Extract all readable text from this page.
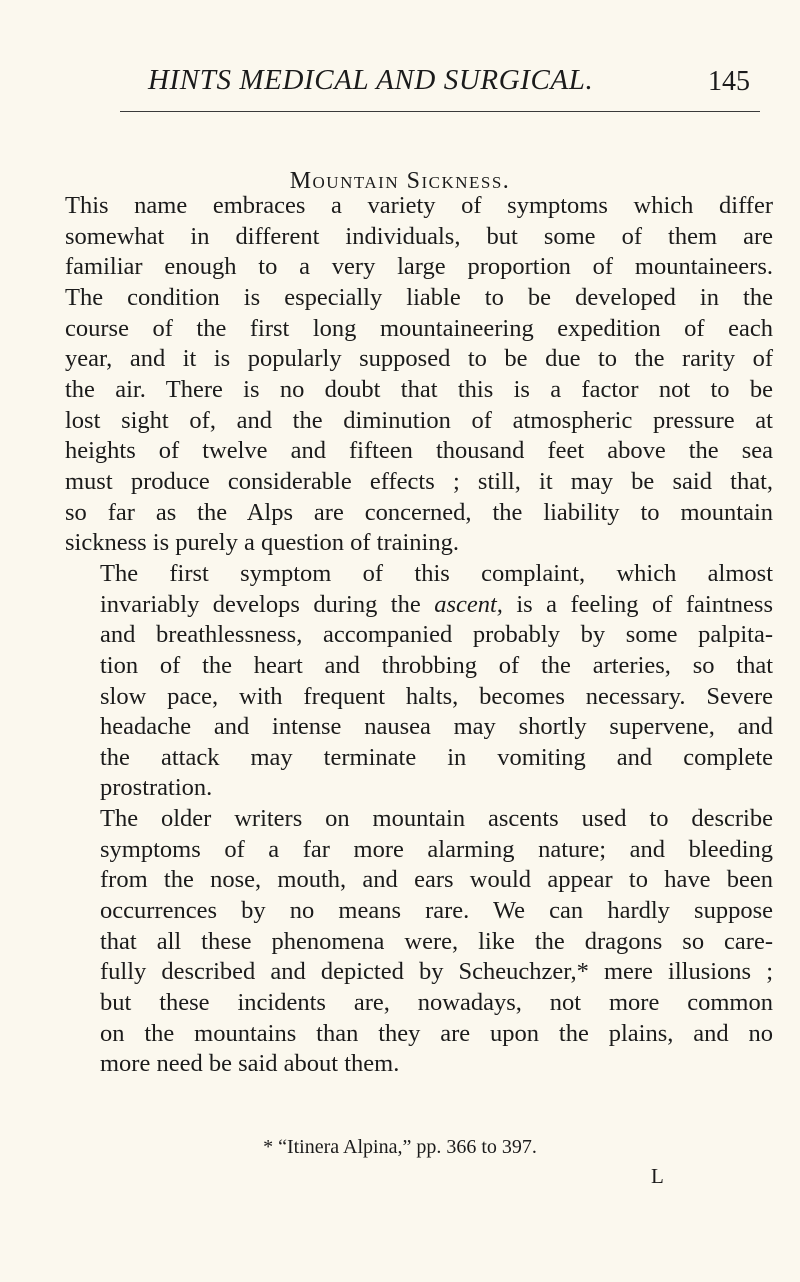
HINTS MEDICAL AND SURGICAL.	145
Mountain Sickness.

This name embraces a variety of symptoms which differ
somewhat in different individuals, but some of them are
familiar enough to a very large proportion of mountaineers.
The condition is especially liable to be developed in the
course of the first long mountaineering expedition of each
year, and it is popularly supposed to be due to the rarity of
the air. There is no doubt that this is a factor not to be
lost sight of, and the diminution of atmospheric pressure at
heights of twelve and fifteen thousand feet above the sea
must produce considerable effects ; still, it may be said that,
so far as the Alps are concerned, the liability to mountain
sickness is purely a question of training.

The first symptom of this complaint, which almost
invariably develops during the ascent, is a feeling of faintness
and breathlessness, accompanied probably by some palpita-
tion of the heart and throbbing of the arteries, so that
slow pace, with frequent halts, becomes necessary. Severe
headache and intense nausea may shortly supervene, and
the attack may terminate in vomiting and complete
prostration.

The older writers on mountain ascents used to describe
symptoms of a far more alarming nature; and bleeding
from the nose, mouth, and ears would appear to have been
occurrences by no means rare. We can hardly suppose
that all these phenomena were, like the dragons so care-
fully described and depicted by Scheuchzer,* mere illusions ;
but these incidents are, nowadays, not more common
on the mountains than they are upon the plains, and no
more need be said about them.

* “Itinera Alpina,” pp. 366 to 397.
L
